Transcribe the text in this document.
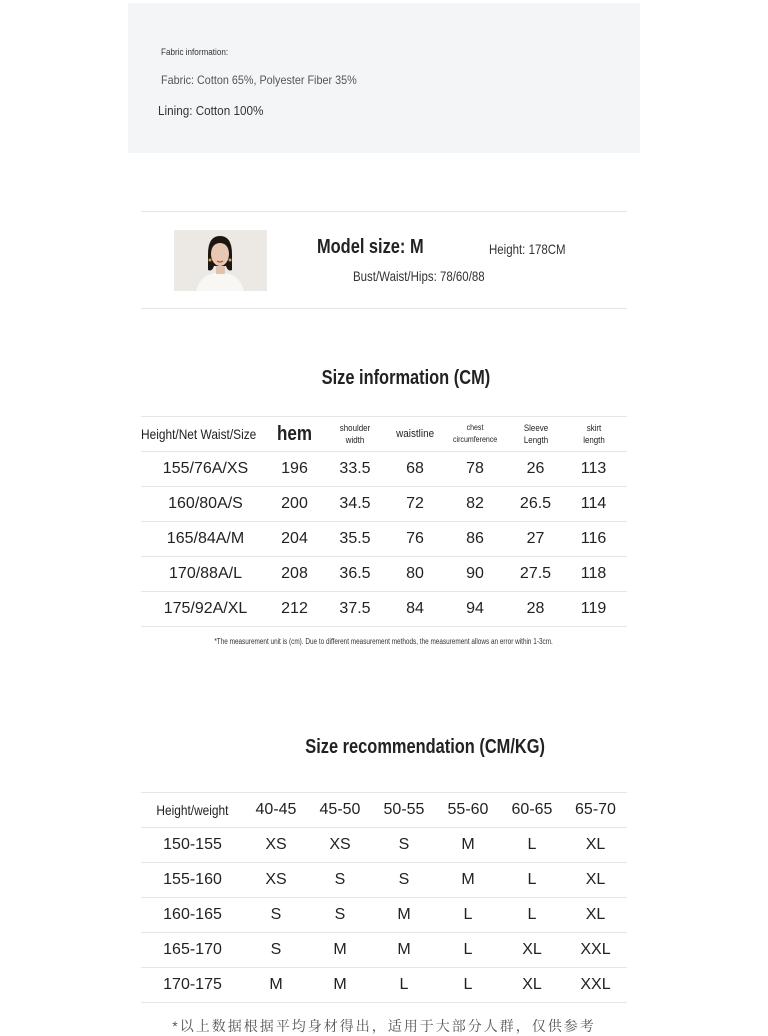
Fabric information:
Fabric: Cotton 65%, Polyester Fiber 35%
Lining: Cotton 100%
Model size: M	Height: 178CM
Bust/Waist/Hips: 78/60/88
Size information (CM)
Height/Net Waist/Size	hem	shoulder width	waistline	chest circumference	Sleeve Length	skirt length
155/76A/XS	196	33.5	68	78	26	113
160/80A/S	200	34.5	72	82	26.5	114
165/84A/M	204	35.5	76	86	27	116
170/88A/L	208	36.5	80	90	27.5	118
175/92A/XL	212	37.5	84	94	28	119
*The measurement unit is (cm). Due to different measurement methods, the measurement allows an error within 1-3cm.
Size recommendation (CM/KG)
Height/weight	40-45	45-50	50-55	55-60	60-65	65-70
150-155	XS	XS	S	M	L	XL
155-160	XS	S	S	M	L	XL
160-165	S	S	M	L	L	XL
165-170	S	M	M	L	XL	XXL
170-175	M	M	L	L	XL	XXL
*以上数据根据平均身材得出，适用于大部分人群，仅供参考
